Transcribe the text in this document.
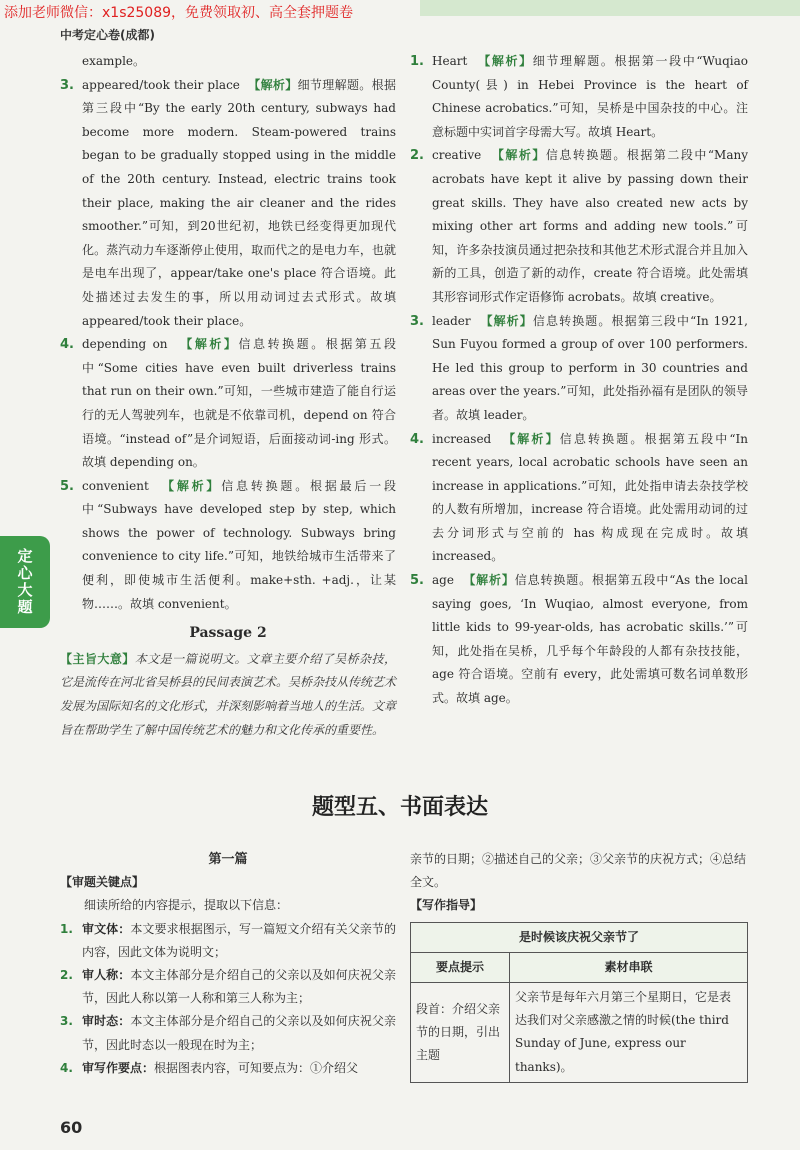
添加老师微信：x1s25089，免费领取初、高全套押题卷
中考定心卷(成都)
定心大题
example。
3. appeared/took their place 【解析】细节理解题。根据第三段中“By the early 20th century, subways had become more modern. Steam-powered trains began to be gradually stopped using in the middle of the 20th century. Instead, electric trains took their place, making the air cleaner and the rides smoother.”可知，到20世纪初，地铁已经变得更加现代化。蒸汽动力车逐渐停止使用，取而代之的是电力车，也就是电车出现了，appear/take one's place 符合语境。此处描述过去发生的事，所以用动词过去式形式。故填 appeared/took their place。
4. depending on 【解析】信息转换题。根据第五段中“Some cities have even built driverless trains that run on their own.”可知，一些城市建造了能自行运行的无人驾驶列车，也就是不依靠司机，depend on 符合语境。“instead of”是介词短语，后面接动词-ing 形式。故填 depending on。
5. convenient 【解析】信息转换题。根据最后一段中“Subways have developed step by step, which shows the power of technology. Subways bring convenience to city life.”可知，地铁给城市生活带来了便利，即使城市生活便利。make+sth. +adj.，让某物……。故填 convenient。
Passage 2

【主旨大意】本文是一篇说明文。文章主要介绍了吴桥杂技，它是流传在河北省吴桥县的民间表演艺术。吴桥杂技从传统艺术发展为国际知名的文化形式，并深刻影响着当地人的生活。文章旨在帮助学生了解中国传统艺术的魅力和文化传承的重要性。

1. Heart 【解析】细节理解题。根据第一段中“Wuqiao County(县) in Hebei Province is the heart of Chinese acrobatics.”可知，吴桥是中国杂技的中心。注意标题中实词首字母需大写。故填 Heart。
2. creative 【解析】信息转换题。根据第二段中“Many acrobats have kept it alive by passing down their great skills. They have also created new acts by mixing other art forms and adding new tools.”可知，许多杂技演员通过把杂技和其他艺术形式混合并且加入新的工具，创造了新的动作，create 符合语境。此处需填其形容词形式作定语修饰 acrobats。故填 creative。
3. leader 【解析】信息转换题。根据第三段中“In 1921, Sun Fuyou formed a group of over 100 performers. He led this group to perform in 30 countries and areas over the years.”可知，此处指孙福有是团队的领导者。故填 leader。
4. increased 【解析】信息转换题。根据第五段中“In recent years, local acrobatic schools have seen an increase in applications.”可知，此处指申请去杂技学校的人数有所增加，increase 符合语境。此处需用动词的过去分词形式与空前的 has 构成现在完成时。故填 increased。
5. age 【解析】信息转换题。根据第五段中“As the local saying goes, ‘In Wuqiao, almost everyone, from little kids to 99-year-olds, has acrobatic skills.’”可知，此处指在吴桥，几乎每个年龄段的人都有杂技技能，age 符合语境。空前有 every，此处需填可数名词单数形式。故填 age。
题型五、书面表达
第一篇
【审题关键点】

细读所给的内容提示，提取以下信息：

1. 审文体：本文要求根据图示，写一篇短文介绍有关父亲节的内容，因此文体为说明文；
2. 审人称：本文主体部分是介绍自己的父亲以及如何庆祝父亲节，因此人称以第一人称和第三人称为主；
3. 审时态：本文主体部分是介绍自己的父亲以及如何庆祝父亲节，因此时态以一般现在时为主；
4. 审写作要点：根据图表内容，可知要点为：①介绍父

亲节的日期；②描述自己的父亲；③父亲节的庆祝方式；④总结全文。

【写作指导】
是时候该庆祝父亲节了	
要点提示	素材串联
段首：介绍父亲节的日期，引出主题	父亲节是每年六月第三个星期日，它是表达我们对父亲感激之情的时候(the third Sunday of June, express our thanks)。
60
